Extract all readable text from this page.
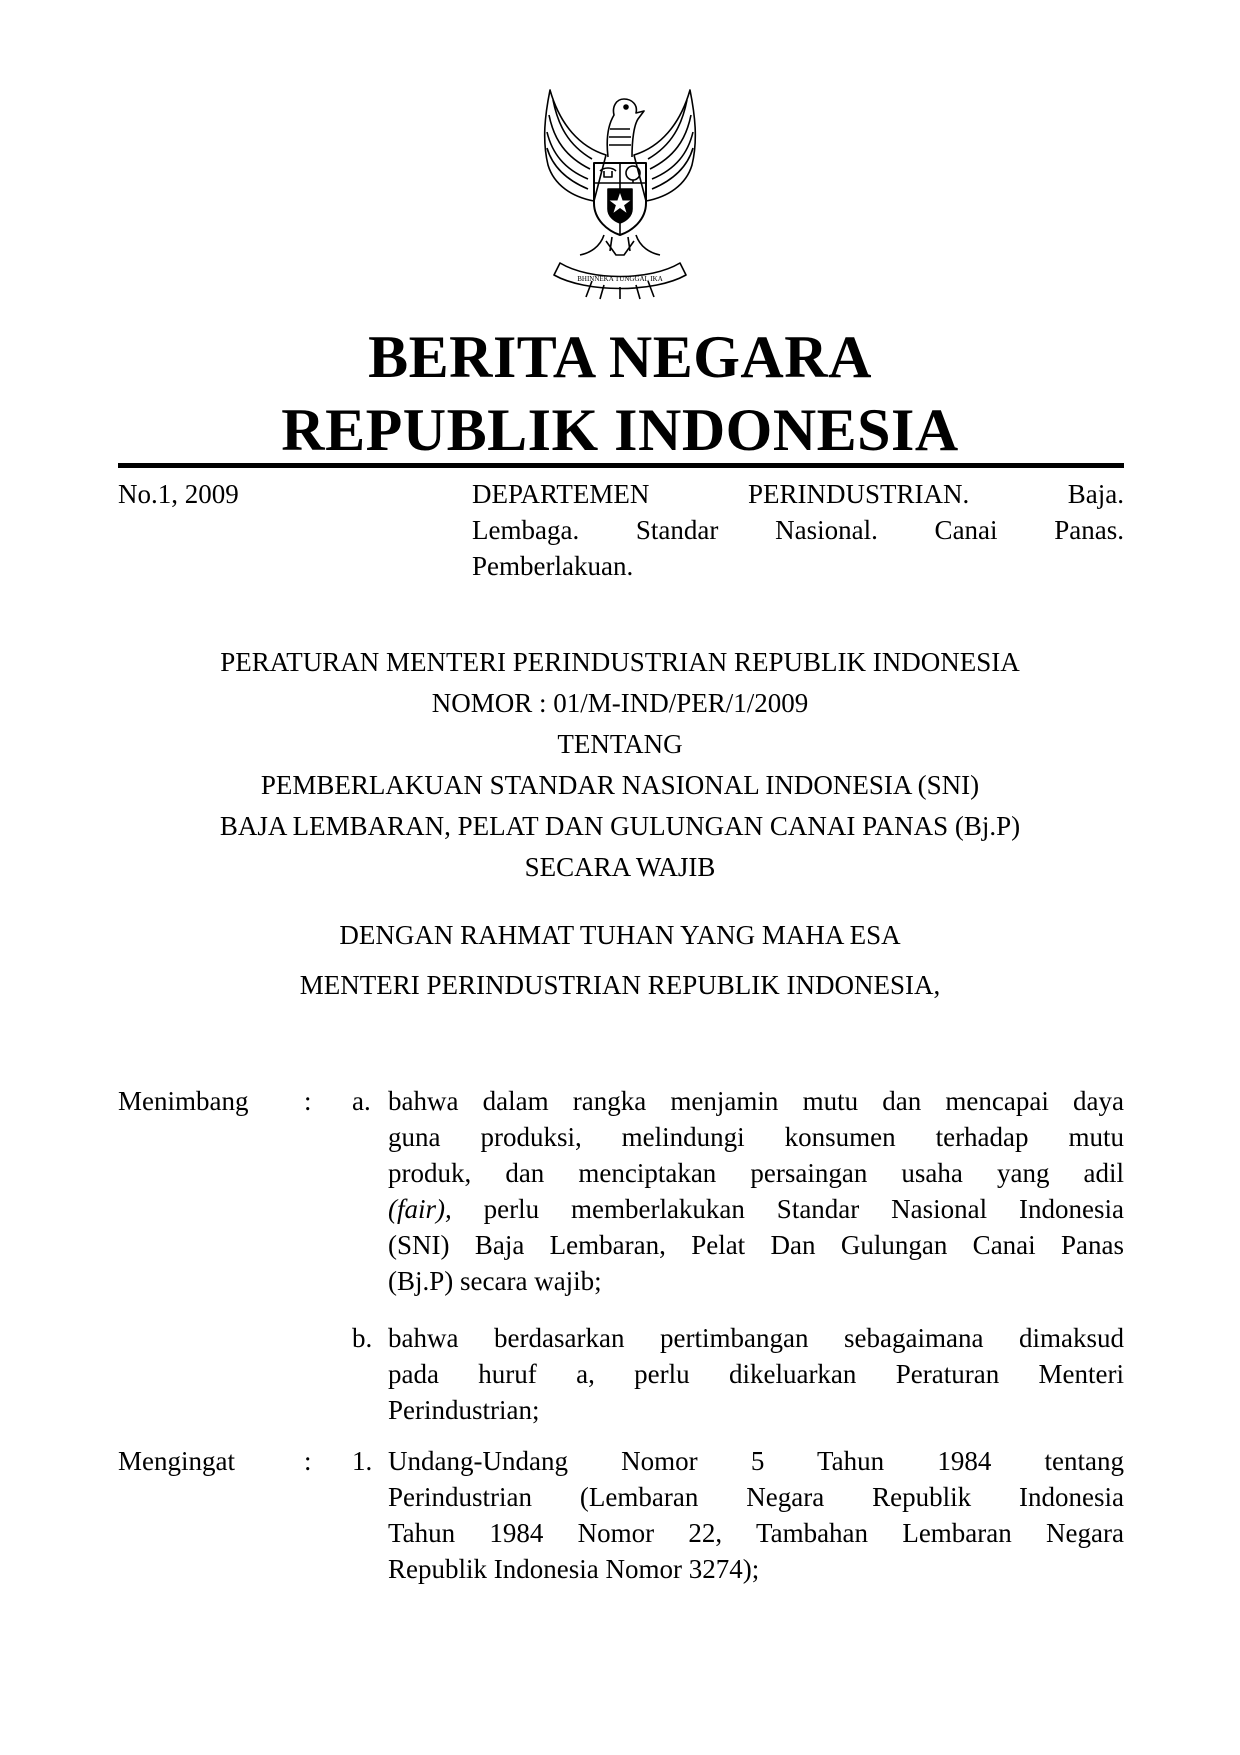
BHINNEKA TUNGGAL IKA
BERITA NEGARA
REPUBLIK INDONESIA
No.1, 2009	DEPARTEMEN PERINDUSTRIAN. Baja.
Lembaga. Standar Nasional. Canai Panas.
Pemberlakuan.
PERATURAN MENTERI PERINDUSTRIAN REPUBLIK INDONESIA
NOMOR : 01/M-IND/PER/1/2009
TENTANG
PEMBERLAKUAN STANDAR NASIONAL INDONESIA (SNI)
BAJA LEMBARAN, PELAT DAN GULUNGAN CANAI PANAS (Bj.P)
SECARA WAJIB
DENGAN RAHMAT TUHAN YANG MAHA ESA
MENTERI PERINDUSTRIAN REPUBLIK INDONESIA,
Menimbang : a. bahwa dalam rangka menjamin mutu dan mencapai daya
guna produksi, melindungi konsumen terhadap mutu
produk, dan menciptakan persaingan usaha yang adil
(fair), perlu memberlakukan Standar Nasional Indonesia
(SNI) Baja Lembaran, Pelat Dan Gulungan Canai Panas
(Bj.P) secara wajib;
b. bahwa berdasarkan pertimbangan sebagaimana dimaksud
pada huruf a, perlu dikeluarkan Peraturan Menteri
Perindustrian;
Mengingat	: 1. Undang-Undang Nomor 5 Tahun 1984 tentang
Perindustrian (Lembaran Negara Republik Indonesia
Tahun 1984 Nomor 22, Tambahan Lembaran Negara
Republik Indonesia Nomor 3274);
